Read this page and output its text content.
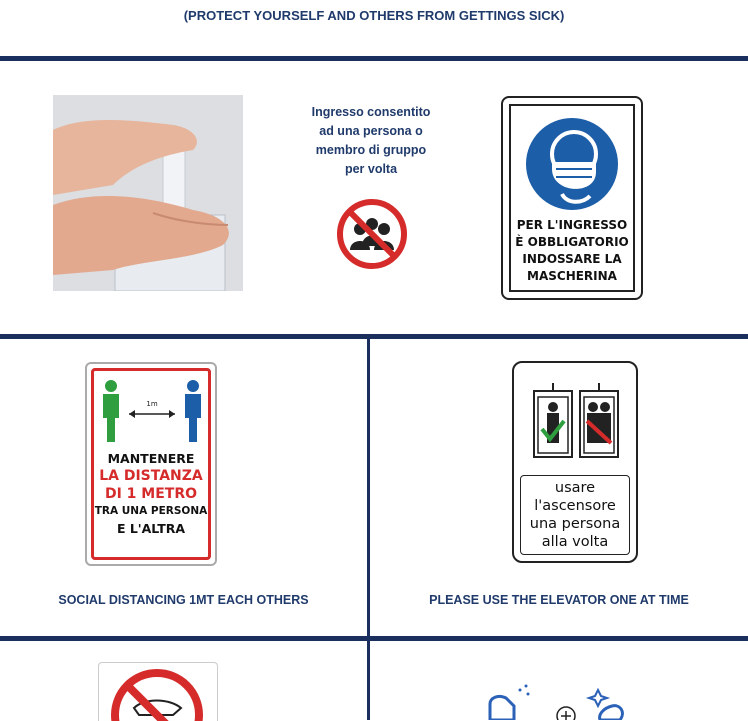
(PROTECT YOURSELF AND OTHERS FROM GETTINGS SICK)
Ingresso consentito
ad una persona o
membro di gruppo
per volta
PER L'INGRESSO
È OBBLIGATORIO
INDOSSARE LA
MASCHERINA
1m
MANTENERE
LA DISTANZA
DI 1 METRO
TRA UNA PERSONA
E L'ALTRA
SOCIAL DISTANCING 1MT EACH OTHERS
usare
l'ascensore
una persona
alla volta
PLEASE USE THE ELEVATOR ONE AT TIME
